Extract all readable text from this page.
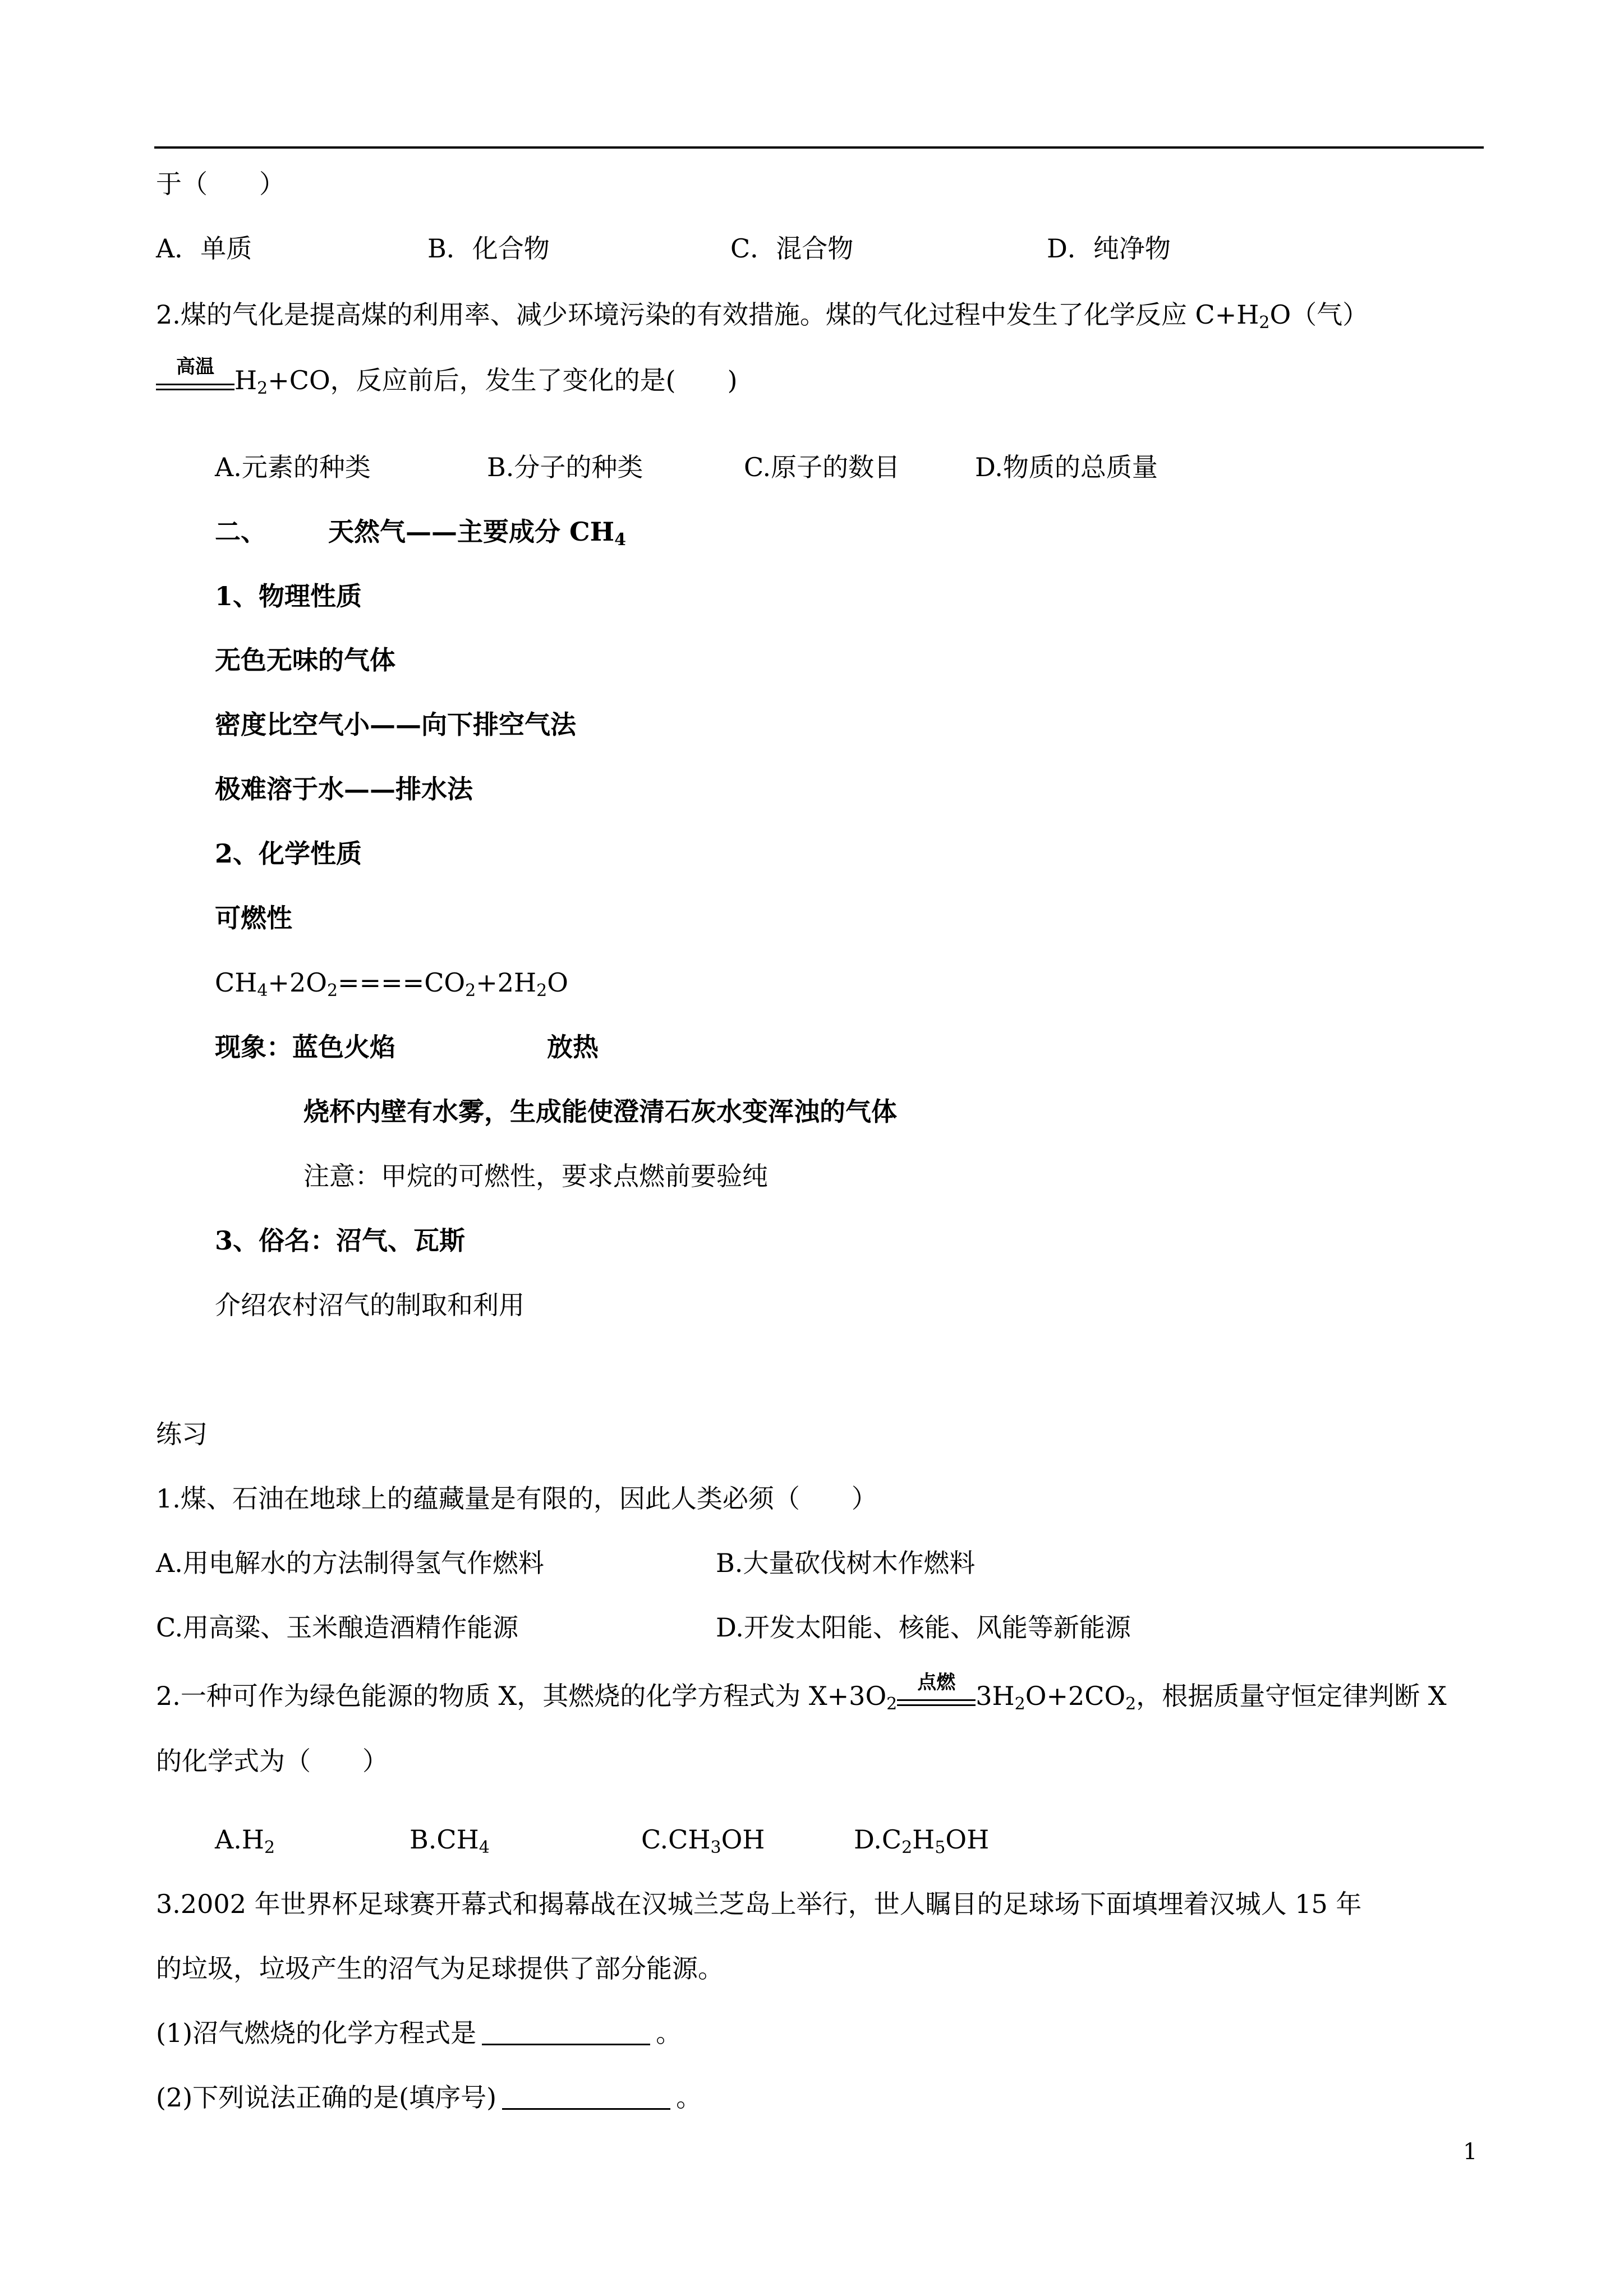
于（　　）
A．单质	B．化合物	C．混合物	D．纯净物
2.煤的气化是提高煤的利用率、减少环境污染的有效措施。煤的气化过程中发生了化学反应 $C+H_2O$（气）
高温 $H_2+CO$，反应前后，发生了变化的是(　　)
A.元素的种类	B.分子的种类	C.原子的数目	D.物质的总质量
二、 天然气——主要成分 $CH_4$
1、物理性质
无色无味的气体
密度比空气小——向下排空气法
极难溶于水——排水法
2、化学性质
可燃性
$CH_4+2O_2====CO_2+2H_2O$
现象：蓝色火焰	放热
烧杯内壁有水雾，生成能使澄清石灰水变浑浊的气体
注意：甲烷的可燃性，要求点燃前要验纯
3、俗名：沼气、瓦斯
介绍农村沼气的制取和利用
练习
1.煤、石油在地球上的蕴藏量是有限的，因此人类必须（　　）
A.用电解水的方法制得氢气作燃料	B.大量砍伐树木作燃料
C.用高粱、玉米酿造酒精作能源	D.开发太阳能、核能、风能等新能源
2.一种可作为绿色能源的物质 X，其燃烧的化学方程式为 $X+3O_2$
点燃 $3H_2O+2CO_2$，根据质量守恒定律判断 X
的化学式为（　　）
$A.H_2$	$B.CH_4$	$C.CH_3OH$	$D.C_2H_5OH$
3.2002 年世界杯足球赛开幕式和揭幕战在汉城兰芝岛上举行，世人瞩目的足球场下面填埋着汉城人 15 年
的垃圾，垃圾产生的沼气为足球提供了部分能源。
(1)沼气燃烧的化学方程式是	。
(2)下列说法正确的是(填序号)	。
1
